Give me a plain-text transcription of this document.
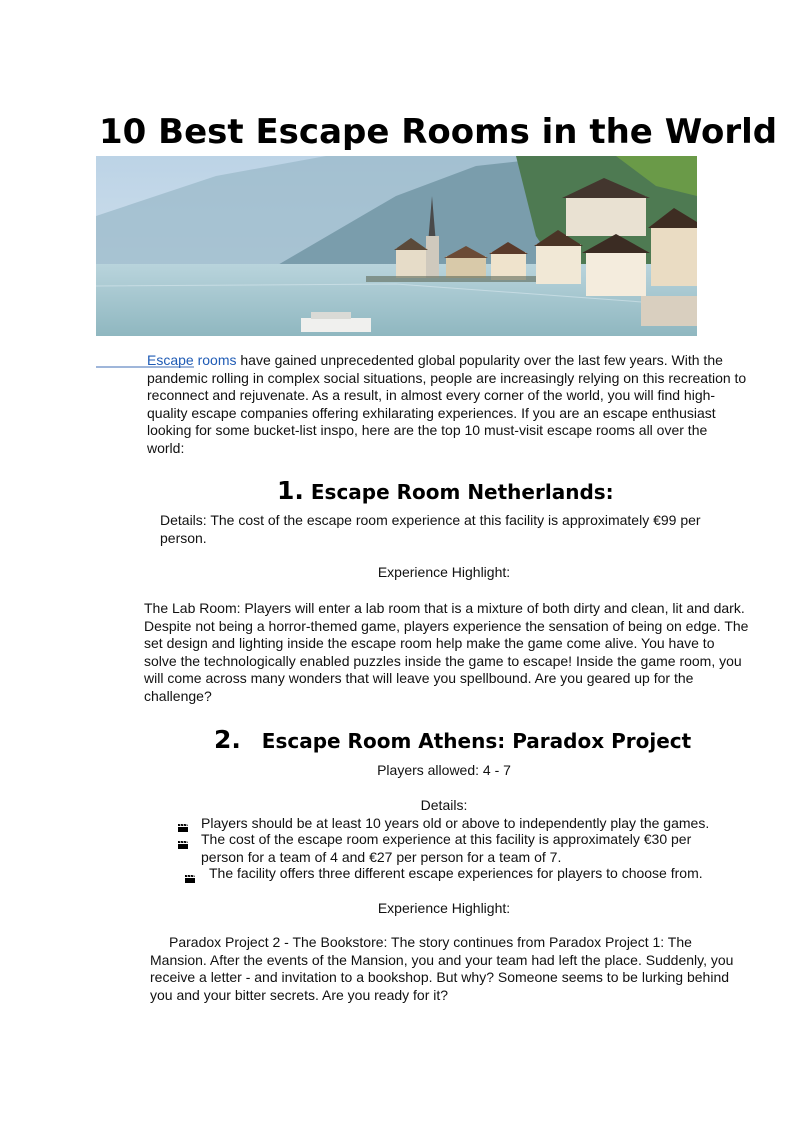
10 Best Escape Rooms in the World

Escape rooms have gained unprecedented global popularity over the last few years. With the pandemic rolling in complex social situations, people are increasingly relying on this recreation to reconnect and rejuvenate. As a result, in almost every corner of the world, you will find high-quality escape companies offering exhilarating experiences. If you are an escape enthusiast looking for some bucket-list inspo, here are the top 10 must-visit escape rooms all over the world:

1. Escape Room Netherlands:

Details: The cost of the escape room experience at this facility is approximately €99 per person.

Experience Highlight:

The Lab Room: Players will enter a lab room that is a mixture of both dirty and clean, lit and dark. Despite not being a horror-themed game, players experience the sensation of being on edge. The set design and lighting inside the escape room help make the game come alive. You have to solve the technologically enabled puzzles inside the game to escape! Inside the game room, you will come across many wonders that will leave you spellbound. Are you geared up for the challenge?

2. Escape Room Athens: Paradox Project

Players allowed: 4 - 7

Details:

Players should be at least 10 years old or above to independently play the games.
The cost of the escape room experience at this facility is approximately €30 per person for a team of 4 and €27 per person for a team of 7.
The facility offers three different escape experiences for players to choose from.

Experience Highlight:

Paradox Project 2 - The Bookstore: The story continues from Paradox Project 1: The Mansion. After the events of the Mansion, you and your team had left the place. Suddenly, you receive a letter - and invitation to a bookshop. But why? Someone seems to be lurking behind you and your bitter secrets. Are you ready for it?
